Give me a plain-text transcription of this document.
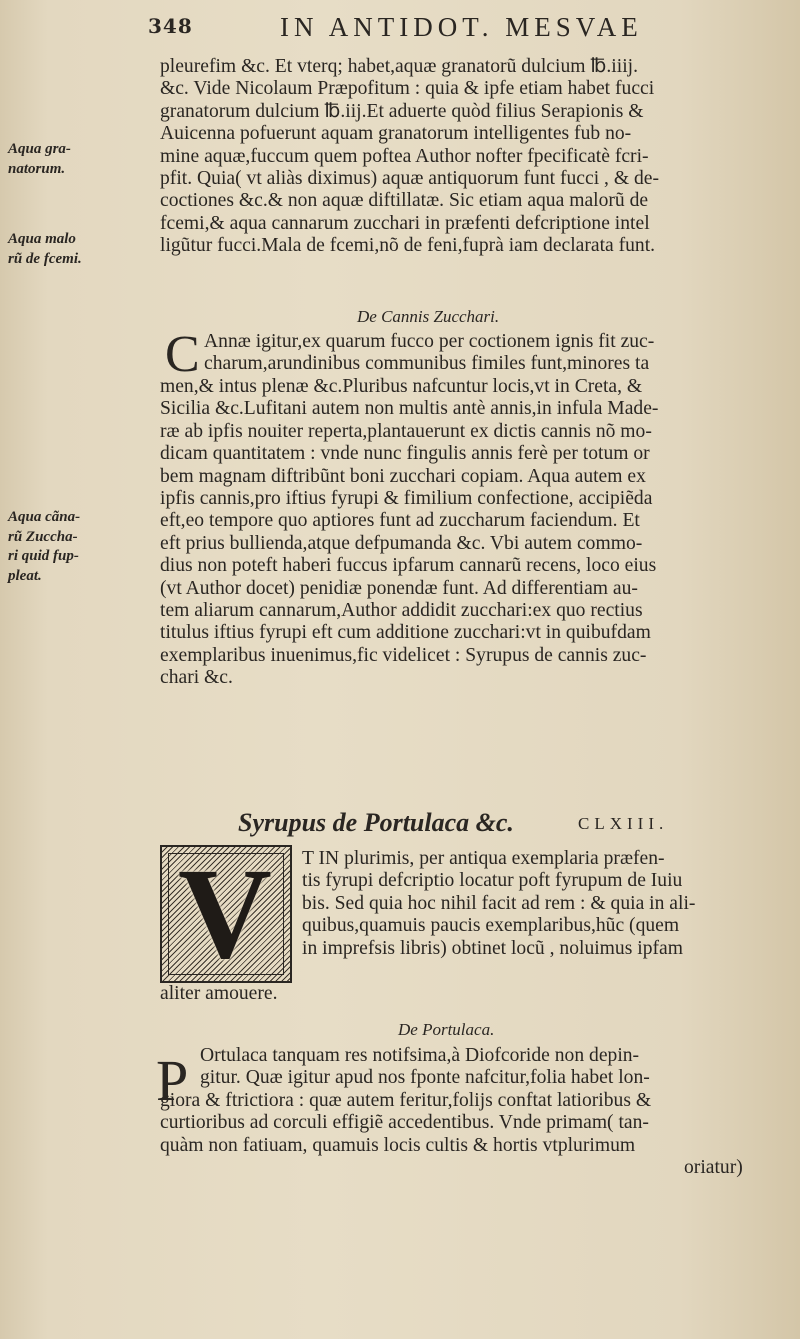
348	IN ANTIDOT. MESVAE
pleurefim &c. Et vterq; habet,aquæ granatorũ dulcium ℔.iiij.
&c. Vide Nicolaum Præpofitum : quia & ipfe etiam habet fucci
granatorum dulcium ℔.iij.Et aduerte quòd filius Serapionis &
Auicenna pofuerunt aquam granatorum intelligentes fub no-
mine aquæ,fuccum quem poftea Author nofter fpecificatè fcri-
pfit. Quia( vt aliàs diximus) aquæ antiquorum funt fucci , & de-
coctiones &c.& non aquæ diftillatæ. Sic etiam aqua malorũ de
fcemi,& aqua cannarum zucchari in præfenti defcriptione intel
ligũtur fucci.Mala de fcemi,nõ de feni,fuprà iam declarata funt.
Aqua gra-
natorum.
Aqua malo
rũ de fcemi.
De Cannis Zucchari.
C Annæ igitur,ex quarum fucco per coctionem ignis fit zuc-
charum,arundinibus communibus fimiles funt,minores ta
men,& intus plenæ &c.Pluribus nafcuntur locis,vt in Creta, &
Sicilia &c.Lufitani autem non multis antè annis,in infula Made-
ræ ab ipfis nouiter reperta,plantauerunt ex dictis cannis nõ mo-
dicam quantitatem : vnde nunc fingulis annis ferè per totum or
bem magnam diftribũnt boni zucchari copiam. Aqua autem ex
ipfis cannis,pro iftius fyrupi & fimilium confectione, accipiẽda
eft,eo tempore quo aptiores funt ad zuccharum faciendum. Et
eft prius bullienda,atque defpumanda &c. Vbi autem commo-
dius non poteft haberi fuccus ipfarum cannarũ recens, loco eius
(vt Author docet) penidiæ ponendæ funt. Ad differentiam au-
tem aliarum cannarum,Author addidit zucchari:ex quo rectius
titulus iftius fyrupi eft cum additione zucchari:vt in quibufdam
exemplaribus inuenimus,fic videlicet : Syrupus de cannis zuc-
chari &c.
Aqua cãna-
rũ Zuccha-
ri quid fup-
pleat.
Syrupus de Portulaca &c.	CLXIII.
V T IN plurimis, per antiqua exemplaria præfen-
tis fyrupi defcriptio locatur poft fyrupum de Iuiu
bis. Sed quia hoc nihil facit ad rem : & quia in ali-
quibus,quamuis paucis exemplaribus,hũc (quem
in imprefsis libris) obtinet locũ , noluimus ipfam
aliter amouere.
De Portulaca.
P Ortulaca tanquam res notifsima,à Diofcoride non depin-
gitur. Quæ igitur apud nos fponte nafcitur,folia habet lon-
giora & ftrictiora : quæ autem feritur,folijs conftat latioribus &
curtioribus ad corculi effigiẽ accedentibus. Vnde primam( tan-
quàm non fatiuam, quamuis locis cultis & hortis vtplurimum
oriatur)
